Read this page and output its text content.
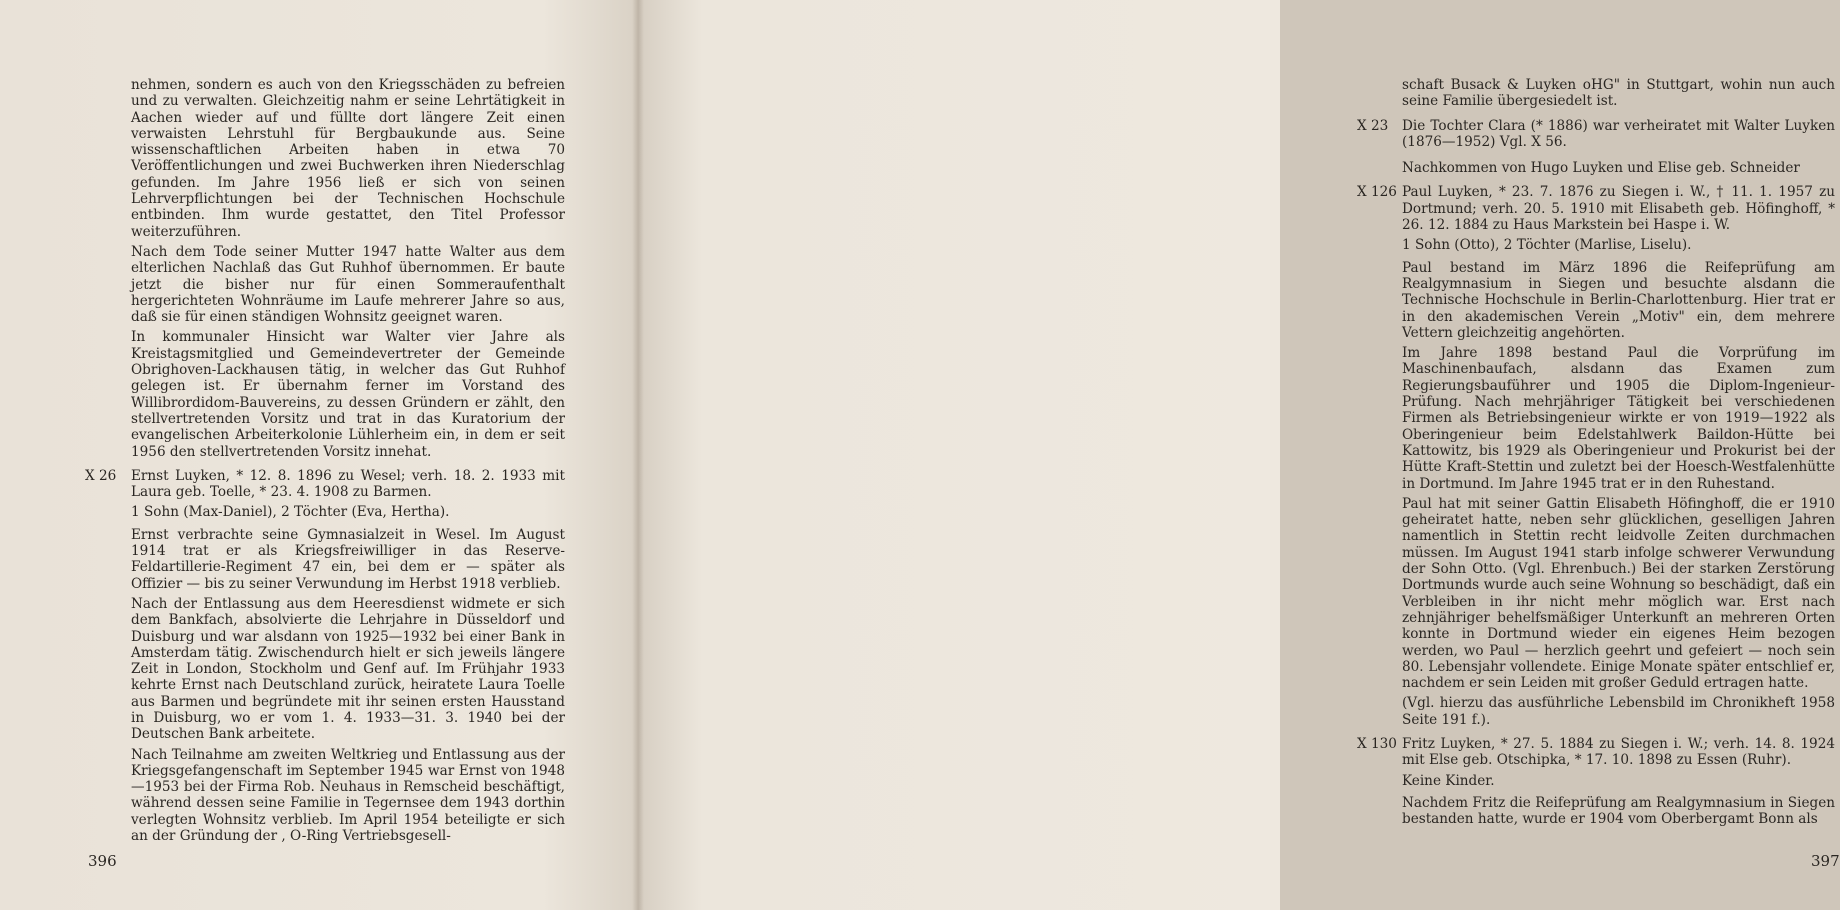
nehmen, sondern es auch von den Kriegsschäden zu befreien und zu verwalten. Gleichzeitig nahm er seine Lehrtätigkeit in Aachen wieder auf und füllte dort längere Zeit einen verwaisten Lehrstuhl für Bergbaukunde aus. Seine wissenschaftlichen Arbeiten haben in etwa 70 Veröffentlichungen und zwei Buchwerken ihren Niederschlag gefunden. Im Jahre 1956 ließ er sich von seinen Lehrverpflichtungen bei der Technischen Hochschule entbinden. Ihm wurde gestattet, den Titel Professor weiterzuführen.

Nach dem Tode seiner Mutter 1947 hatte Walter aus dem elterlichen Nachlaß das Gut Ruhhof übernommen. Er baute jetzt die bisher nur für einen Sommeraufenthalt hergerichteten Wohnräume im Laufe mehrerer Jahre so aus, daß sie für einen ständigen Wohnsitz geeignet waren.

In kommunaler Hinsicht war Walter vier Jahre als Kreistagsmitglied und Gemeindevertreter der Gemeinde Obrighoven-Lackhausen tätig, in welcher das Gut Ruhhof gelegen ist. Er übernahm ferner im Vorstand des Willibrordidom-Bauvereins, zu dessen Gründern er zählt, den stellvertretenden Vorsitz und trat in das Kuratorium der evangelischen Arbeiterkolonie Lühlerheim ein, in dem er seit 1956 den stellvertretenden Vorsitz innehat.

X 26 Ernst Luyken, * 12. 8. 1896 zu Wesel; verh. 18. 2. 1933 mit Laura geb. Toelle, * 23. 4. 1908 zu Barmen.

1 Sohn (Max-Daniel), 2 Töchter (Eva, Hertha).

Ernst verbrachte seine Gymnasialzeit in Wesel. Im August 1914 trat er als Kriegsfreiwilliger in das Reserve-Feldartillerie-Regiment 47 ein, bei dem er — später als Offizier — bis zu seiner Verwundung im Herbst 1918 verblieb.

Nach der Entlassung aus dem Heeresdienst widmete er sich dem Bankfach, absolvierte die Lehrjahre in Düsseldorf und Duisburg und war alsdann von 1925—1932 bei einer Bank in Amsterdam tätig. Zwischendurch hielt er sich jeweils längere Zeit in London, Stockholm und Genf auf. Im Frühjahr 1933 kehrte Ernst nach Deutschland zurück, heiratete Laura Toelle aus Barmen und begründete mit ihr seinen ersten Hausstand in Duisburg, wo er vom 1. 4. 1933—31. 3. 1940 bei der Deutschen Bank arbeitete.

Nach Teilnahme am zweiten Weltkrieg und Entlassung aus der Kriegsgefangenschaft im September 1945 war Ernst von 1948—1953 bei der Firma Rob. Neuhaus in Remscheid beschäftigt, während dessen seine Familie in Tegernsee dem 1943 dorthin verlegten Wohnsitz verblieb. Im April 1954 beteiligte er sich an der Gründung der , O-Ring Vertriebsgesell-

396

schaft Busack & Luyken oHG" in Stuttgart, wohin nun auch seine Familie übergesiedelt ist.

X 23 Die Tochter Clara (* 1886) war verheiratet mit Walter Luyken (1876—1952) Vgl. X 56.

Nachkommen von Hugo Luyken und Elise geb. Schneider

X 126 Paul Luyken, * 23. 7. 1876 zu Siegen i. W., † 11. 1. 1957 zu Dortmund; verh. 20. 5. 1910 mit Elisabeth geb. Höfinghoff, * 26. 12. 1884 zu Haus Markstein bei Haspe i. W.

1 Sohn (Otto), 2 Töchter (Marlise, Liselu).

Paul bestand im März 1896 die Reifeprüfung am Realgymnasium in Siegen und besuchte alsdann die Technische Hochschule in Berlin-Charlottenburg. Hier trat er in den akademischen Verein „Motiv" ein, dem mehrere Vettern gleichzeitig angehörten.

Im Jahre 1898 bestand Paul die Vorprüfung im Maschinenbaufach, alsdann das Examen zum Regierungsbauführer und 1905 die Diplom-Ingenieur-Prüfung. Nach mehrjähriger Tätigkeit bei verschiedenen Firmen als Betriebsingenieur wirkte er von 1919—1922 als Oberingenieur beim Edelstahlwerk Baildon-Hütte bei Kattowitz, bis 1929 als Oberingenieur und Prokurist bei der Hütte Kraft-Stettin und zuletzt bei der Hoesch-Westfalenhütte in Dortmund. Im Jahre 1945 trat er in den Ruhestand.

Paul hat mit seiner Gattin Elisabeth Höfinghoff, die er 1910 geheiratet hatte, neben sehr glücklichen, geselligen Jahren namentlich in Stettin recht leidvolle Zeiten durchmachen müssen. Im August 1941 starb infolge schwerer Verwundung der Sohn Otto. (Vgl. Ehrenbuch.) Bei der starken Zerstörung Dortmunds wurde auch seine Wohnung so beschädigt, daß ein Verbleiben in ihr nicht mehr möglich war. Erst nach zehnjähriger behelfsmäßiger Unterkunft an mehreren Orten konnte in Dortmund wieder ein eigenes Heim bezogen werden, wo Paul — herzlich geehrt und gefeiert — noch sein 80. Lebensjahr vollendete. Einige Monate später entschlief er, nachdem er sein Leiden mit großer Geduld ertragen hatte.

(Vgl. hierzu das ausführliche Lebensbild im Chronikheft 1958 Seite 191 f.).

X 130 Fritz Luyken, * 27. 5. 1884 zu Siegen i. W.; verh. 14. 8. 1924 mit Else geb. Otschipka, * 17. 10. 1898 zu Essen (Ruhr).

Keine Kinder.

Nachdem Fritz die Reifeprüfung am Realgymnasium in Siegen bestanden hatte, wurde er 1904 vom Oberbergamt Bonn als

397
